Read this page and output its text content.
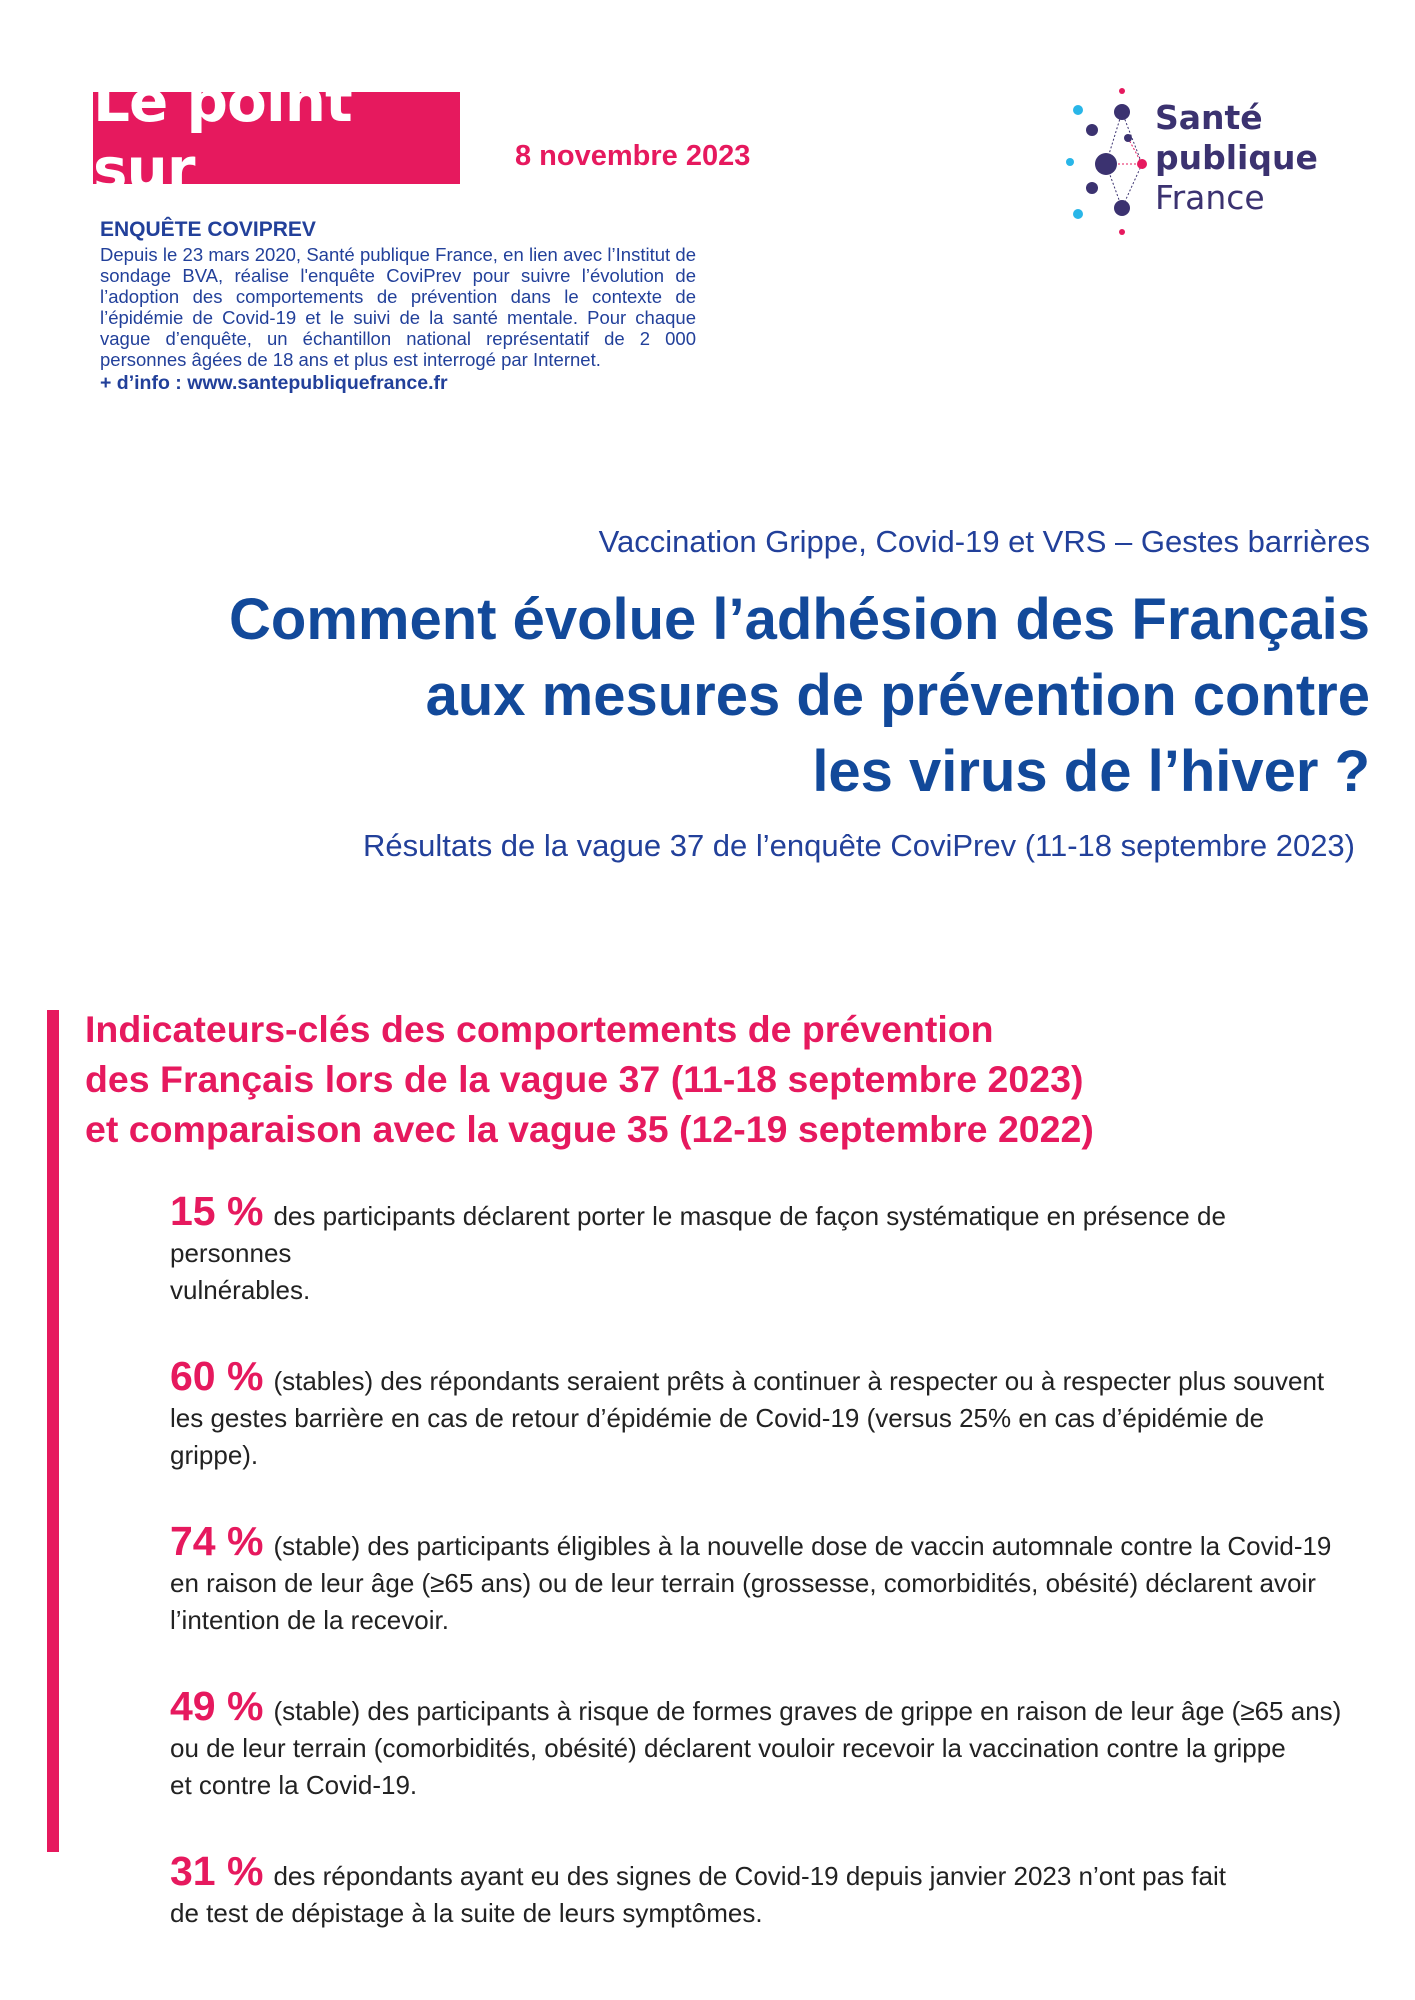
Le point sur	8 novembre 2023
Santé
publique
France
ENQUÊTE COVIPREV
Depuis le 23 mars 2020, Santé publique France, en lien avec l’Institut de sondage BVA, réalise l'enquête CoviPrev pour suivre l’évolution de l’adoption des comportements de prévention dans le contexte de l’épidémie de Covid-19 et le suivi de la santé mentale. Pour chaque vague d’enquête, un échantillon national représentatif de 2 000 personnes âgées de 18 ans et plus est interrogé par Internet.
+ d’info : www.santepubliquefrance.fr
Vaccination Grippe, Covid-19 et VRS – Gestes barrières
Comment évolue l’adhésion des Français
aux mesures de prévention contre
les virus de l’hiver ?
Résultats de la vague 37 de l’enquête CoviPrev (11-18 septembre 2023)
Indicateurs-clés des comportements de prévention
des Français lors de la vague 37 (11-18 septembre 2023)
et comparaison avec la vague 35 (12-19 septembre 2022)

15 % des participants déclarent porter le masque de façon systématique en présence de personnes
vulnérables.

60 % (stables) des répondants seraient prêts à continuer à respecter ou à respecter plus souvent
les gestes barrière en cas de retour d’épidémie de Covid-19 (versus 25% en cas d’épidémie de grippe).

74 % (stable) des participants éligibles à la nouvelle dose de vaccin automnale contre la Covid-19
en raison de leur âge (≥65 ans) ou de leur terrain (grossesse, comorbidités, obésité) déclarent avoir
l’intention de la recevoir.

49 % (stable) des participants à risque de formes graves de grippe en raison de leur âge (≥65 ans)
ou de leur terrain (comorbidités, obésité) déclarent vouloir recevoir la vaccination contre la grippe
et contre la Covid-19.

31 % des répondants ayant eu des signes de Covid-19 depuis janvier 2023 n’ont pas fait
de test de dépistage à la suite de leurs symptômes.
